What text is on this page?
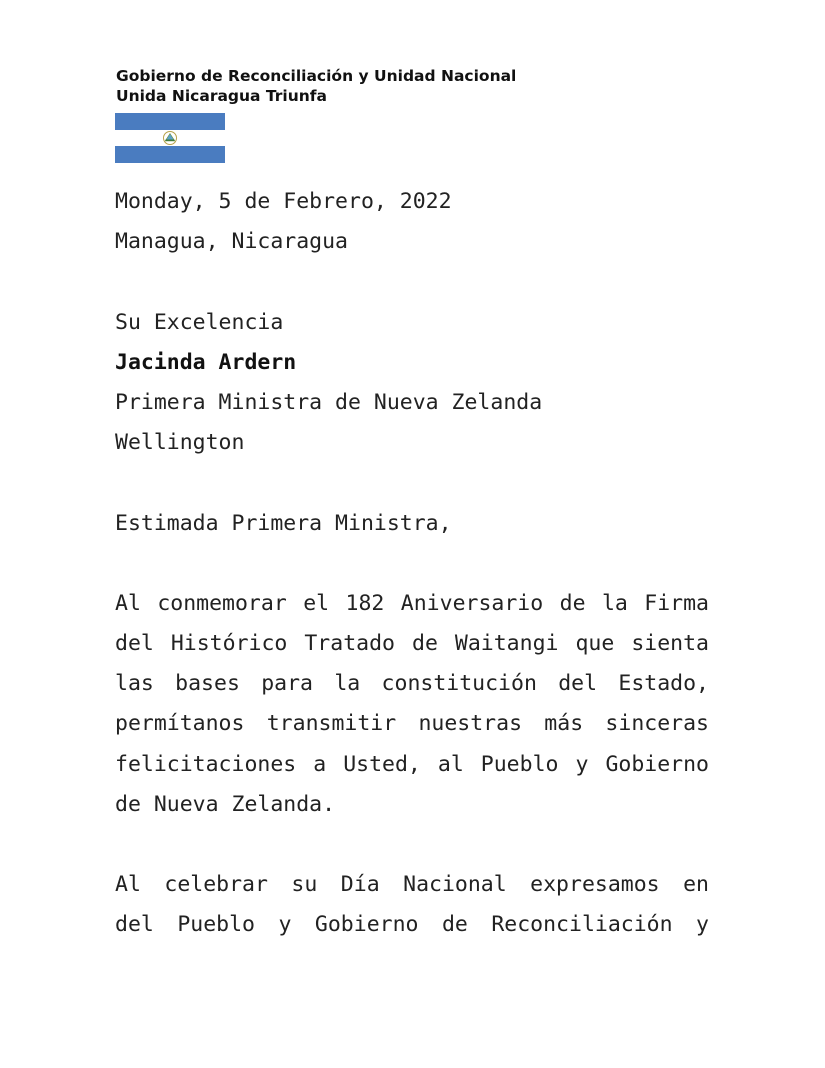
Gobierno de Reconciliación y Unidad Nacional
Unida Nicaragua Triunfa
Monday, 5 de Febrero, 2022
Managua, Nicaragua
Su Excelencia
Jacinda Ardern
Primera Ministra de Nueva Zelanda
Wellington
Estimada Primera Ministra,
Al conmemorar el 182 Aniversario de la Firma
del Histórico Tratado de Waitangi que sienta
las bases para la constitución del Estado,
permítanos transmitir nuestras más sinceras
felicitaciones a Usted, al Pueblo y Gobierno
de Nueva Zelanda.
Al celebrar su Día Nacional expresamos en
del Pueblo y Gobierno de Reconciliación y
